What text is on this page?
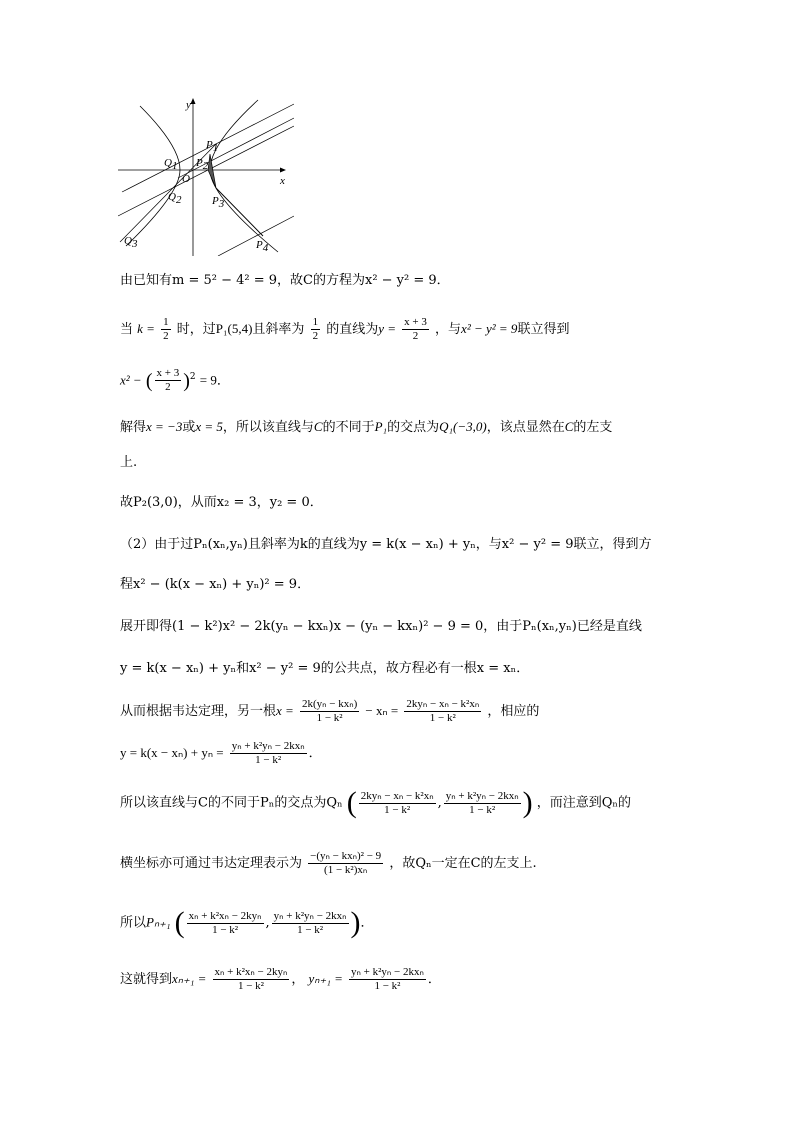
x
y
O
P1
P2
P3
P4
Q1
Q2
Q3
由已知有m = 5² − 4² = 9，故C的方程为x² − y² = 9．
当 $k = \frac{1}{2}$ 时，过P₁(5,4)且斜率为 $\frac{1}{2}$ 的直线为$y = \frac{x + 3}{2}$ ，与x² − y² = 9联立得到
x² − ( $\frac{x + 3}{2} )^2 = 9$．
解得x = −3或x = 5，所以该直线与C的不同于P₁的交点为Q₁(−3,0)，该点显然在C的左支
上.
故P₂(3,0)，从而x₂ = 3，y₂ = 0．
（2）由于过Pₙ(xₙ,yₙ)且斜率为k的直线为y = k(x − xₙ) + yₙ，与x² − y² = 9联立，得到方
程x² − (k(x − xₙ) + yₙ)² = 9．
展开即得(1 − k²)x² − 2k(yₙ − kxₙ)x − (yₙ − kxₙ)² − 9 = 0，由于Pₙ(xₙ,yₙ)已经是直线
y = k(x − xₙ) + yₙ和x² − y² = 9的公共点，故方程必有一根x = xₙ．
从而根据韦达定理，另一根$x = \frac{\text{2k(yₙ − kxₙ)}}{\text{1 − k²}} - x_n = \frac{\text{2kyₙ − xₙ − k²xₙ}}{\text{1 − k²}}$ ，相应的
$y = k(x - x_n) + y_n = \frac{\text{yₙ + k²yₙ − 2kxₙ}}{\text{1 − k²}}$ ．
所以该直线与C的不同于Pₙ的交点为Qₙ ( $\frac{\text{2kyₙ − xₙ − k²xₙ}}{\text{1 − k²}}$ , $\frac{\text{yₙ + k²yₙ − 2kxₙ}}{\text{1 − k²}}$ ) ，而注意到Qₙ的
横坐标亦可通过韦达定理表示为 $\frac{\text{−(yₙ − kxₙ)² − 9}}{\text{(1 − k²)xₙ}}$ ，故Qₙ一定在C的左支上.
所以Pₙ₊₁ ( $\frac{\text{xₙ + k²xₙ − 2kyₙ}}{\text{1 − k²}}$ , $\frac{\text{yₙ + k²yₙ − 2kxₙ}}{\text{1 − k²}}$ )．
这就得到$x_{n+1} = \frac{\text{xₙ + k²xₙ − 2kyₙ}}{\text{1 − k²}}$ ， $y_{n+1} = \frac{\text{yₙ + k²yₙ − 2kxₙ}}{\text{1 − k²}}$ ．
